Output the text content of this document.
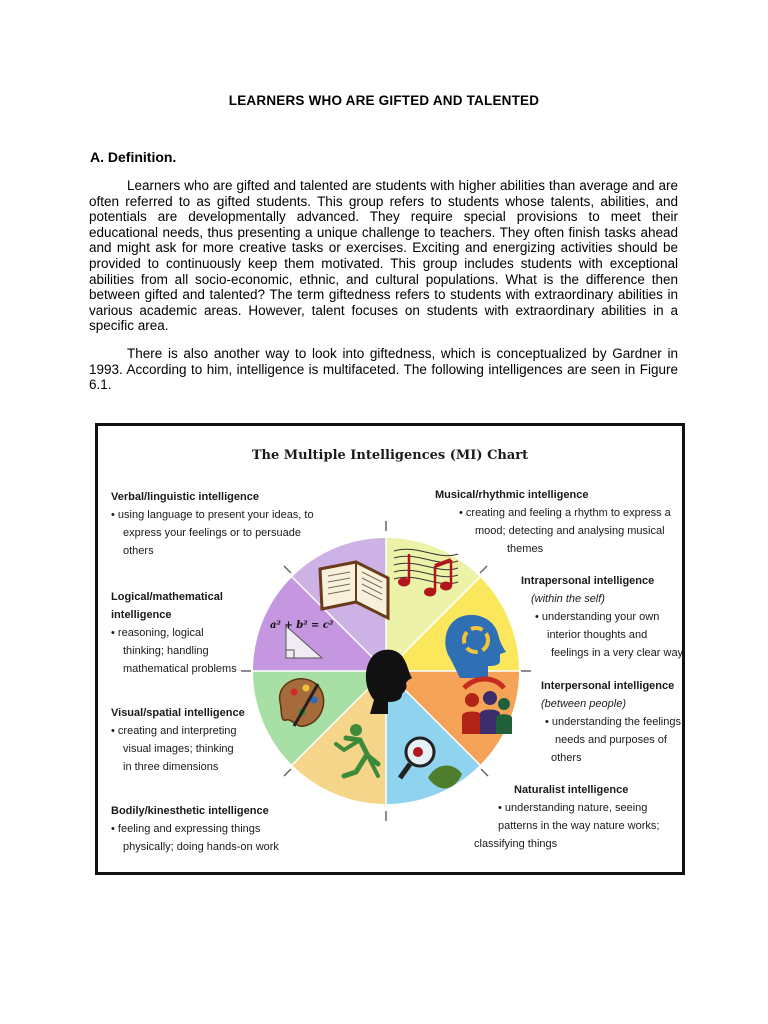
LEARNERS WHO ARE GIFTED AND TALENTED
A. Definition.

Learners who are gifted and talented are students with higher abilities than average and are often referred to as gifted students. This group refers to students whose talents, abilities, and potentials are developmentally advanced. They require special provisions to meet their educational needs, thus presenting a unique challenge to teachers. They often finish tasks ahead and might ask for more creative tasks or exercises. Exciting and energizing activities should be provided to continuously keep them motivated. This group includes students with exceptional abilities from all socio-economic, ethnic, and cultural populations. What is the difference then between gifted and talented? The term giftedness refers to students with extraordinary abilities in various academic areas. However, talent focuses on students with extraordinary abilities in a specific area.

There is also another way to look into giftedness, which is conceptualized by Gardner in 1993. According to him, intelligence is multifaceted. The following intelligences are seen in Figure 6.1.

The Multiple Intelligences (MI) Chart
a² + b² = c²
Verbal/linguistic intelligence
• using language to present your ideas, to
express your feelings or to persuade
others
Logical/mathematical
intelligence
• reasoning, logical
thinking; handling
mathematical problems
Visual/spatial intelligence
• creating and interpreting
visual images; thinking
in three dimensions
Bodily/kinesthetic intelligence
• feeling and expressing things
physically; doing hands-on work
Musical/rhythmic intelligence
• creating and feeling a rhythm to express a
mood; detecting and analysing musical
themes
Intrapersonal intelligence
(within the self)
• understanding your own
interior thoughts and
feelings in a very clear way
Interpersonal intelligence
(between people)
• understanding the feelings,
needs and purposes of
others
Naturalist intelligence
• understanding nature, seeing
patterns in the way nature works;
classifying things
